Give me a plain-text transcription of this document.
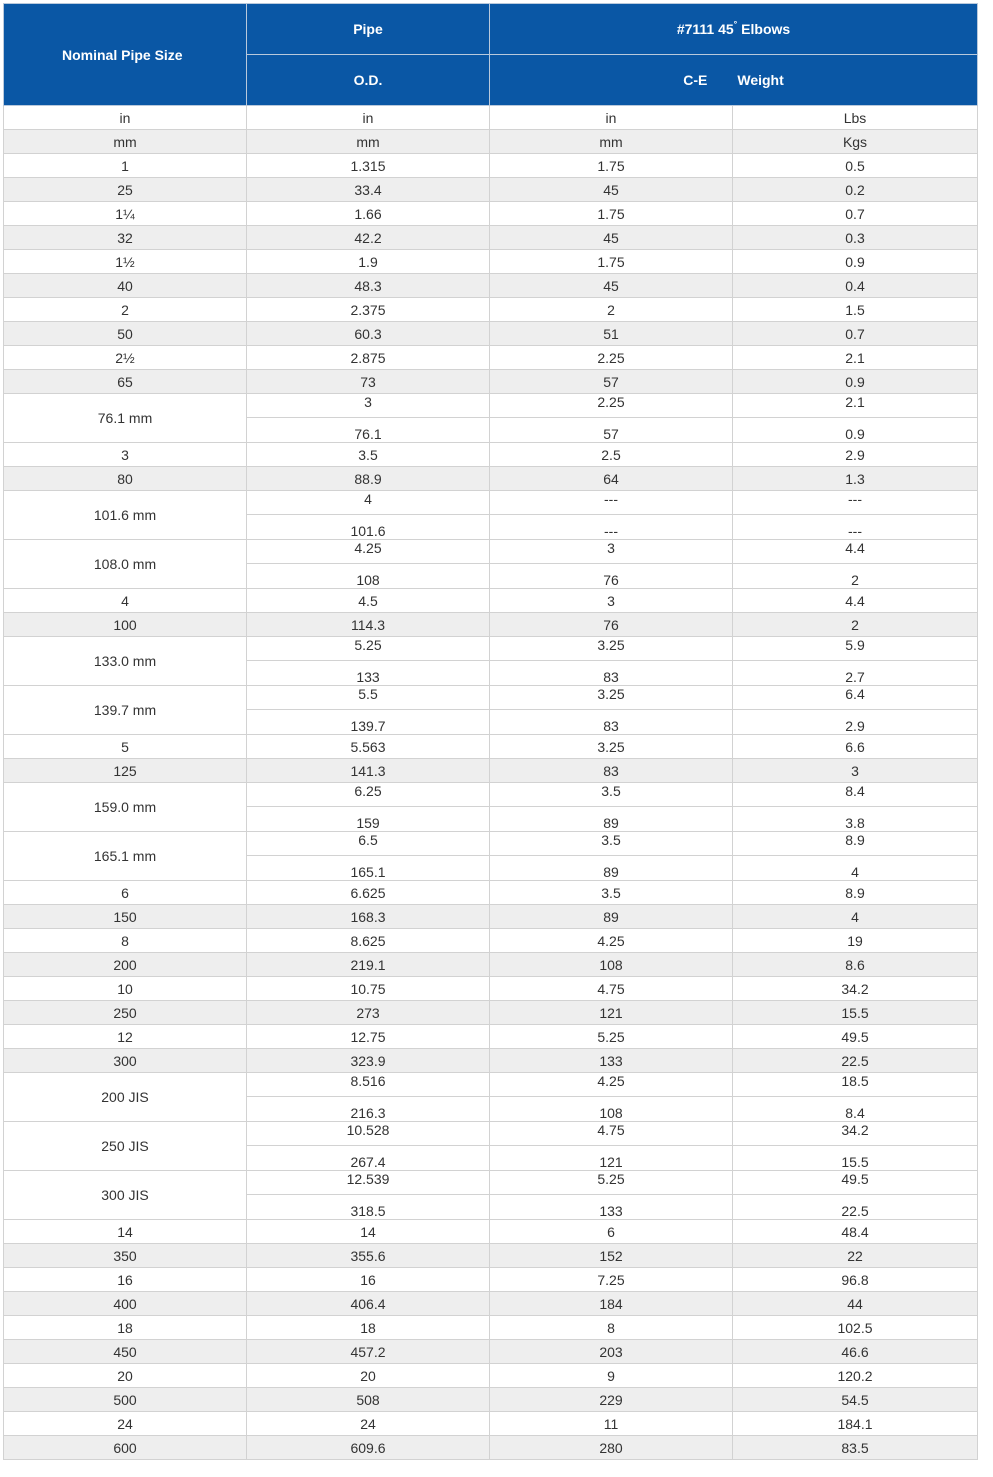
Nominal Pipe Size	Pipe	#7111 45° Elbows	
	O.D.	C-E Weight	
in	in	in	Lbs
mm	mm	mm	Kgs
1	1.315	1.75	0.5
25	33.4	45	0.2
1¼	1.66	1.75	0.7
32	42.2	45	0.3
1½	1.9	1.75	0.9
40	48.3	45	0.4
2	2.375	2	1.5
50	60.3	51	0.7
2½	2.875	2.25	2.1
65	73	57	0.9
76.1 mm	3	2.25	2.1
	76.1	57	0.9
3	3.5	2.5	2.9
80	88.9	64	1.3
101.6 mm	4	---	---
	101.6	---	---
108.0 mm	4.25	3	4.4
	108	76	2
4	4.5	3	4.4
100	114.3	76	2
133.0 mm	5.25	3.25	5.9
	133	83	2.7
139.7 mm	5.5	3.25	6.4
	139.7	83	2.9
5	5.563	3.25	6.6
125	141.3	83	3
159.0 mm	6.25	3.5	8.4
	159	89	3.8
165.1 mm	6.5	3.5	8.9
	165.1	89	4
6	6.625	3.5	8.9
150	168.3	89	4
8	8.625	4.25	19
200	219.1	108	8.6
10	10.75	4.75	34.2
250	273	121	15.5
12	12.75	5.25	49.5
300	323.9	133	22.5
200 JIS	8.516	4.25	18.5
	216.3	108	8.4
250 JIS	10.528	4.75	34.2
	267.4	121	15.5
300 JIS	12.539	5.25	49.5
	318.5	133	22.5
14	14	6	48.4
350	355.6	152	22
16	16	7.25	96.8
400	406.4	184	44
18	18	8	102.5
450	457.2	203	46.6
20	20	9	120.2
500	508	229	54.5
24	24	11	184.1
600	609.6	280	83.5
